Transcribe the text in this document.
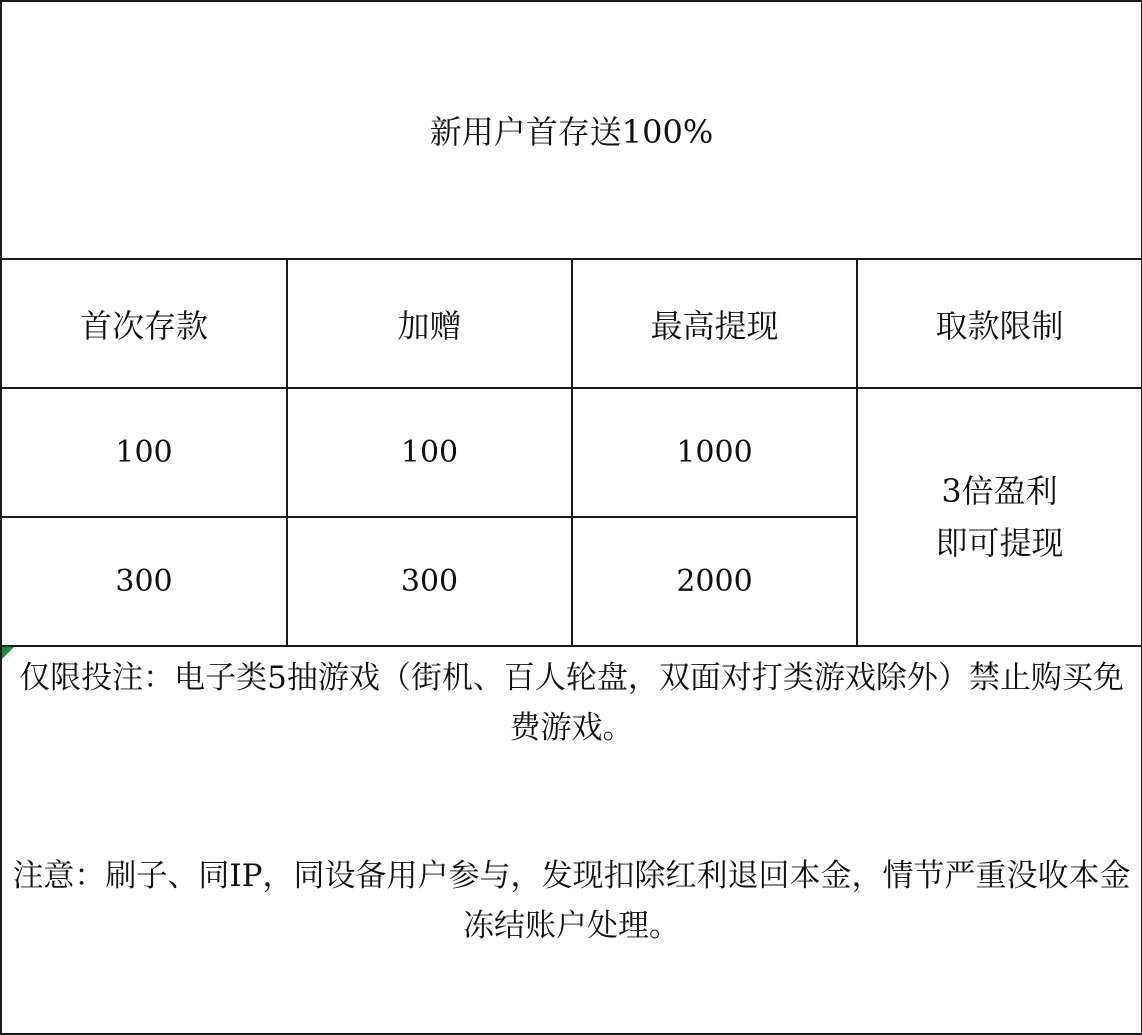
新用户首存送100%			
首次存款	加赠	最高提现	取款限制
100	100	1000	3倍盈利
即可提现

300	300	2000	

仅限投注：电子类5抽游戏（街机、百人轮盘，双面对打类游戏除外）禁止购买免费游戏。
注意：刷子、同IP，同设备用户参与，发现扣除红利退回本金，情节严重没收本金冻结账户处理。			
